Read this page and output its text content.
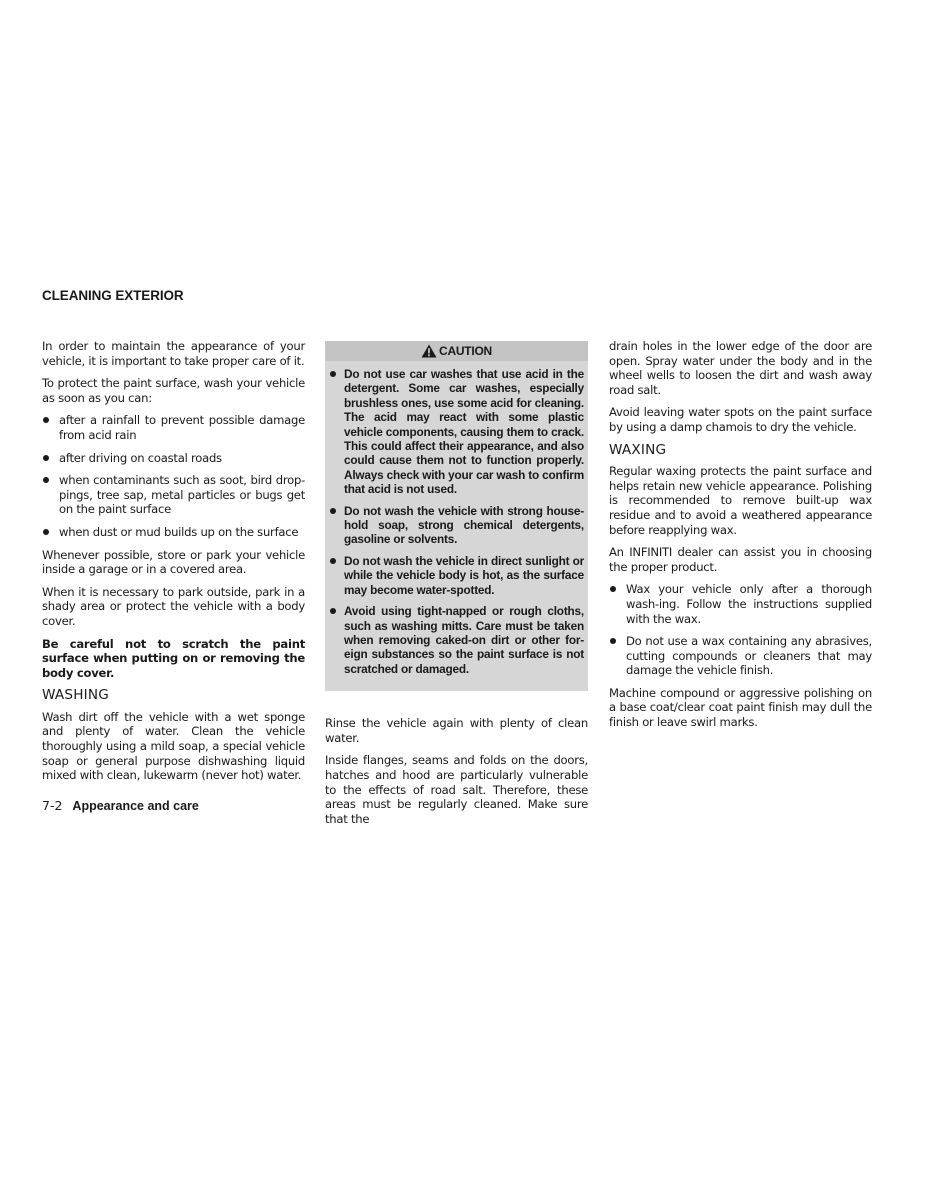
CLEANING EXTERIOR

In order to maintain the appearance of your vehicle, it is important to take proper care of it.

To protect the paint surface, wash your vehicle as soon as you can:

after a rainfall to prevent possible damage from acid rain
after driving on coastal roads
when contaminants such as soot, bird drop-pings, tree sap, metal particles or bugs get on the paint surface
when dust or mud builds up on the surface

Whenever possible, store or park your vehicle inside a garage or in a covered area.

When it is necessary to park outside, park in a shady area or protect the vehicle with a body cover.

Be careful not to scratch the paint surface when putting on or removing the body cover.

WASHING

Wash dirt off the vehicle with a wet sponge and plenty of water. Clean the vehicle thoroughly using a mild soap, a special vehicle soap or general purpose dishwashing liquid mixed with clean, lukewarm (never hot) water.

CAUTION
Do not use car washes that use acid in the detergent. Some car washes, especially brushless ones, use some acid for cleaning. The acid may react with some plastic vehicle components, causing them to crack. This could affect their appearance, and also could cause them not to function properly. Always check with your car wash to confirm that acid is not used.
Do not wash the vehicle with strong house-hold soap, strong chemical detergents, gasoline or solvents.
Do not wash the vehicle in direct sunlight or while the vehicle body is hot, as the surface may become water-spotted.
Avoid using tight-napped or rough cloths, such as washing mitts. Care must be taken when removing caked-on dirt or other for-eign substances so the paint surface is not scratched or damaged.

Rinse the vehicle again with plenty of clean water.

Inside flanges, seams and folds on the doors, hatches and hood are particularly vulnerable to the effects of road salt. Therefore, these areas must be regularly cleaned. Make sure that the

drain holes in the lower edge of the door are open. Spray water under the body and in the wheel wells to loosen the dirt and wash away road salt.

Avoid leaving water spots on the paint surface by using a damp chamois to dry the vehicle.

WAXING

Regular waxing protects the paint surface and helps retain new vehicle appearance. Polishing is recommended to remove built-up wax residue and to avoid a weathered appearance before reapplying wax.

An INFINITI dealer can assist you in choosing the proper product.

Wax your vehicle only after a thorough wash-ing. Follow the instructions supplied with the wax.
Do not use a wax containing any abrasives, cutting compounds or cleaners that may damage the vehicle finish.

Machine compound or aggressive polishing on a base coat/clear coat paint finish may dull the finish or leave swirl marks.

7-2 Appearance and care
